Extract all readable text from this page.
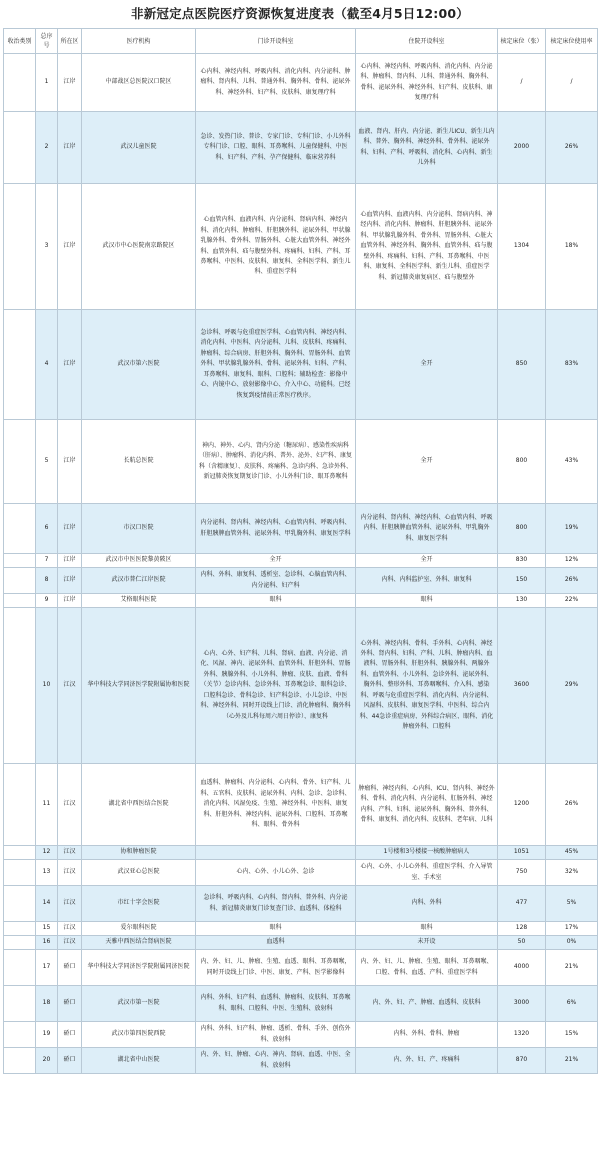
非新冠定点医院医疗资源恢复进度表（截至4月5日12:00）
收治类别	总序号	所在区	医疗机构	门诊开设科室	住院开设科室	核定床位（张）	核定床位使用率
	1	江岸	中部战区总医院汉口院区	心内科、神经内科、呼吸内科、消化内科、内分泌科、肿瘤科、肾内科、儿科、普通外科、胸外科、骨科、泌尿外科、神经外科、妇产科、皮肤科、康复理疗科	心内科、神经内科、呼吸内科、消化内科、内分泌科、肿瘤科、肾内科、儿科、普通外科、胸外科、骨科、泌尿外科、神经外科、妇产科、皮肤科、康复理疗科	/	/
	2	江岸	武汉儿童医院	急诊、发热门诊、普诊、专家门诊、专科门诊、小儿外科专科门诊、口腔、眼科、耳鼻喉科、儿童保健科、中医科、妇产科、产科、孕产保健科、临床营养科	血液、肾内、肝内、内分泌、新生儿ICU、新生儿内科、普外、胸外科、神经外科、骨外科、泌尿外科、妇科、产科、呼吸科、消化科、心内科、新生儿外科	2000	26%
	3	江岸	武汉市中心医院南京路院区	心血管内科、血液内科、内分泌科、肾病内科、神经内科、消化内科、肿瘤科、肝胆胰外科、泌尿外科、甲状腺乳腺外科、骨外科、胃肠外科、心脏大血管外科、神经外科、血管外科、疝与腹壁外科、疼痛科、妇科、产科、耳鼻喉科、中医科、皮肤科、康复科、全科医学科、新生儿科、重症医学科	心血管内科、血液内科、内分泌科、肾病内科、神经内科、消化内科、肿瘤科、肝胆胰外科、泌尿外科、甲状腺乳腺外科、骨外科、胃肠外科、心脏大血管外科、神经外科、胸外科、血管外科、疝与腹壁外科、疼痛科、妇科、产科、耳鼻喉科、中医科、康复科、全科医学科、新生儿科、重症医学科、新冠肺炎康复病区、疝与腹壁外	1304	18%
	4	江岸	武汉市第六医院	急诊科、呼吸与危重症医学科、心血管内科、神经内科、消化内科、中医科、内分泌科、儿科、皮肤科、疼痛科、肿瘤科、综合病房、肝胆外科、胸外科、胃肠外科、血管外科、甲状腺乳腺外科、骨科、泌尿外科、妇科、产科、耳鼻喉科、康复科、眼科、口腔科；辅助检查：影像中心、内镜中心、放射影像中心、介入中心、功能科。已经恢复到疫情前正常医疗秩序。	全开	850	83%
	5	江岸	长航总医院	神内、神外、心内、肾内分泌（糖尿病）、感染性疾病科（肝病）、肿瘤科、消化内科、普外、泌外、妇产科、康复科（含精康复）、皮肤科、疼痛科、急诊内科、急诊外科、新冠肺炎恢复期复诊门诊、小儿外科门诊、眼耳鼻喉科	全开	800	43%
	6	江岸	市汉口医院	内分泌科、肾内科、神经内科、心血管内科、呼吸内科、肝胆胰脾血管外科、泌尿外科、甲乳胸外科、康复医学科	内分泌科、肾内科、神经内科、心血管内科、呼吸内科、肝胆胰脾血管外科、泌尿外科、甲乳胸外科、康复医学科	800	19%
	7	江岸	武汉市中医医院黎黄陂区	全开	全开	830	12%
	8	江岸	武汉市普仁江岸医院	内科、外科、康复科、透析室、急诊科、心脑血管内科、内分泌科、妇产科	内科、内科监护室、外科、康复科	150	26%
	9	江岸	艾格眼科医院	眼科	眼科	130	22%
	10	江汉	华中科技大学同济医学院附属协和医院	心内、心外、妇产科、儿科、肾病、血液、内分泌、消化、风湿、神内、泌尿外科、血管外科、肝胆外科、胃肠外科、胰腺外科、小儿外科、肿瘤、皮肤、血液、骨科（关节）急诊内科、急诊外科、耳鼻喉急诊、眼科急诊、口腔科急诊、骨科急诊、妇产科急诊、小儿急诊、中医科、神经外科、同时开设线上门诊、消化肿瘤科、胸外科（心外及儿科每周六周日停诊）、康复科	心外科、神经内科、骨科、手外科、心内科、神经外科、肾内科、妇科、产科、儿科、肿瘤内科、血液科、胃肠外科、肝胆外科、胰腺外科、两腺外科、血管外科、小儿外科、急诊外科、泌尿外科、胸外科、整形外科、耳鼻咽喉科、介入科、感染科、呼吸与危重症医学科、消化内科、内分泌科、风湿科、皮肤科、康复医学科、中医科、综合内科、44急诊重症病房、外科综合病区、眼科、消化肿瘤外科、口腔科	3600	29%
	11	江汉	湖北省中西医结合医院	血透科、肿瘤科、内分泌科、心内科、骨外、妇产科、儿科、五官科、皮肤科、泌尿外科、内科、急诊、急诊科、消化内科、风湿免疫、生殖、神经外科、中医科、康复科、肝胆外科、神经内科、泌尿外科、口腔科、耳鼻喉科、眼科、骨外科	肿瘤科、神经内科、心内科、ICU、肾内科、神经外科、骨科、消化内科、内分泌科、肛肠外科、神经内科、产科、妇科、泌尿外科、胸外科、普外科、骨科、康复科、消化内科、皮肤科、老年病、儿科	1200	26%
	12	江汉	协和肿瘤医院		1号楼和3号楼接一核酸肿瘤病人	1051	45%
	13	江汉	武汉亚心总医院	心内、心外、小儿心外、急诊	心内、心外、小儿心外科、重症医学科、介入导管室、手术室	750	32%
	14	江汉	市红十字会医院	急诊科、呼吸内科、心内科、肾内科、普外科、内分泌科、新冠肺炎康复门诊复查门诊、血透科、体检科	内科、外科	477	5%
	15	江汉	爱尔眼科医院	眼科	眼科	128	17%
	16	江汉	天雅中西医结合肾病医院	血透科	未开设	50	0%
	17	硚口	华中科技大学同济医学院附属同济医院	内、外、妇、儿、肿瘤、生殖、血透、眼科、耳鼻咽喉，同时开设线上门诊、中医、康复、产科、医学影像科	内、外、妇、儿、肿瘤、生殖、眼科、耳鼻咽喉、口腔、骨科、血透、产科、重症医学科	4000	21%
	18	硚口	武汉市第一医院	内科、外科、妇产科、血透科、肿瘤科、皮肤科、耳鼻喉科、眼科、口腔科、中医、生殖科、放射科	内、外、妇、产、肿瘤、血透科、皮肤科	3000	6%
	19	硚口	武汉市第四医院西院	内科、外科、妇产科、肿瘤、透析、骨科、手外、创伤外科、放射科	内科、外科、骨科、肿瘤	1320	15%
	20	硚口	湖北省中山医院	内、外、妇、肿瘤、心内、神内、肾病、血透、中医、全科、放射科	内、外、妇、产、疼痛科	870	21%
